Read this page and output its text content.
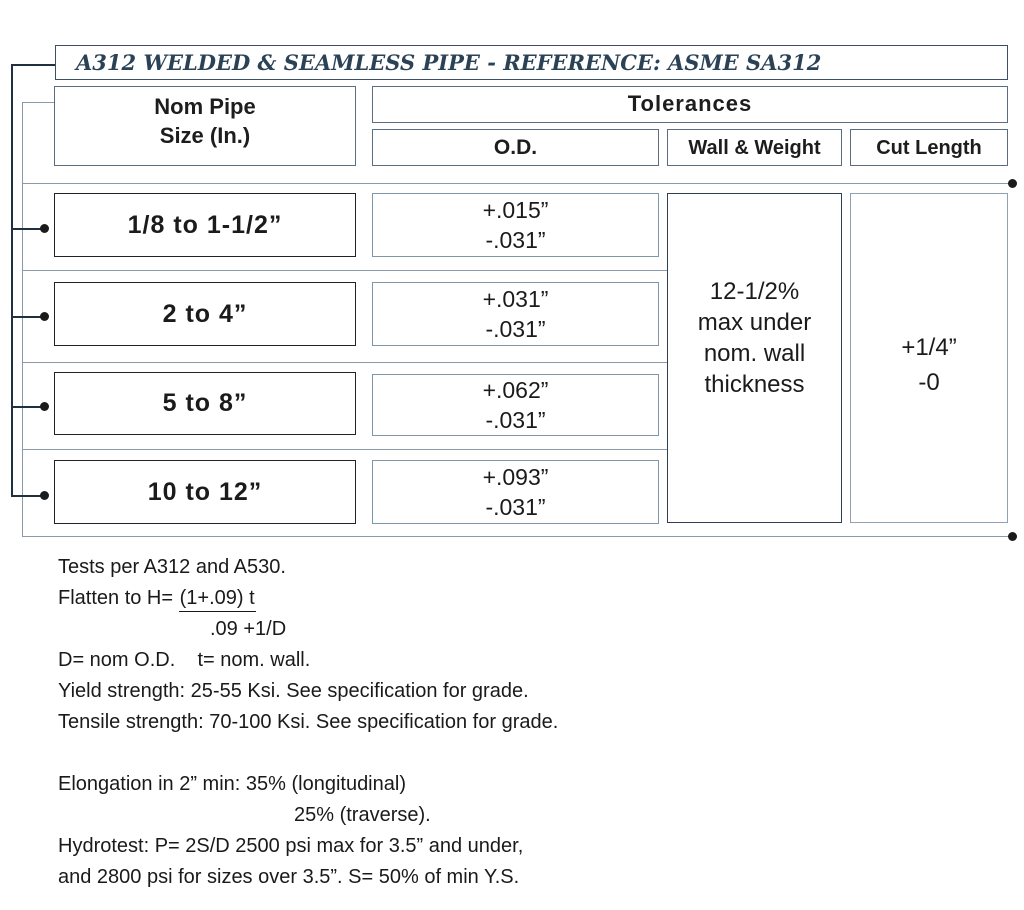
A312 WELDED & SEAMLESS PIPE - REFERENCE: ASME SA312
Nom Pipe
Size (In.)
Tolerances
O.D.	Wall & Weight	Cut Length
1/8 to 1-1/2”
2 to 4”
5 to 8”
10 to 12”
+.015”
-.031”
+.031”
-.031”
+.062”
-.031”
+.093”
-.031”
12-1/2%
max under
nom. wall
thickness
+1/4”
-0
Tests per A312 and A530.
Flatten to H= (1+.09) t
.09 +1/D
D= nom O.D.    t= nom. wall.
Yield strength: 25-55 Ksi. See specification for grade.
Tensile strength: 70-100 Ksi. See specification for grade.
Elongation in 2” min: 35% (longitudinal)
25% (traverse).
Hydrotest: P= 2S/D 2500 psi max for 3.5” and under,
and 2800 psi for sizes over 3.5”. S= 50% of min Y.S.
